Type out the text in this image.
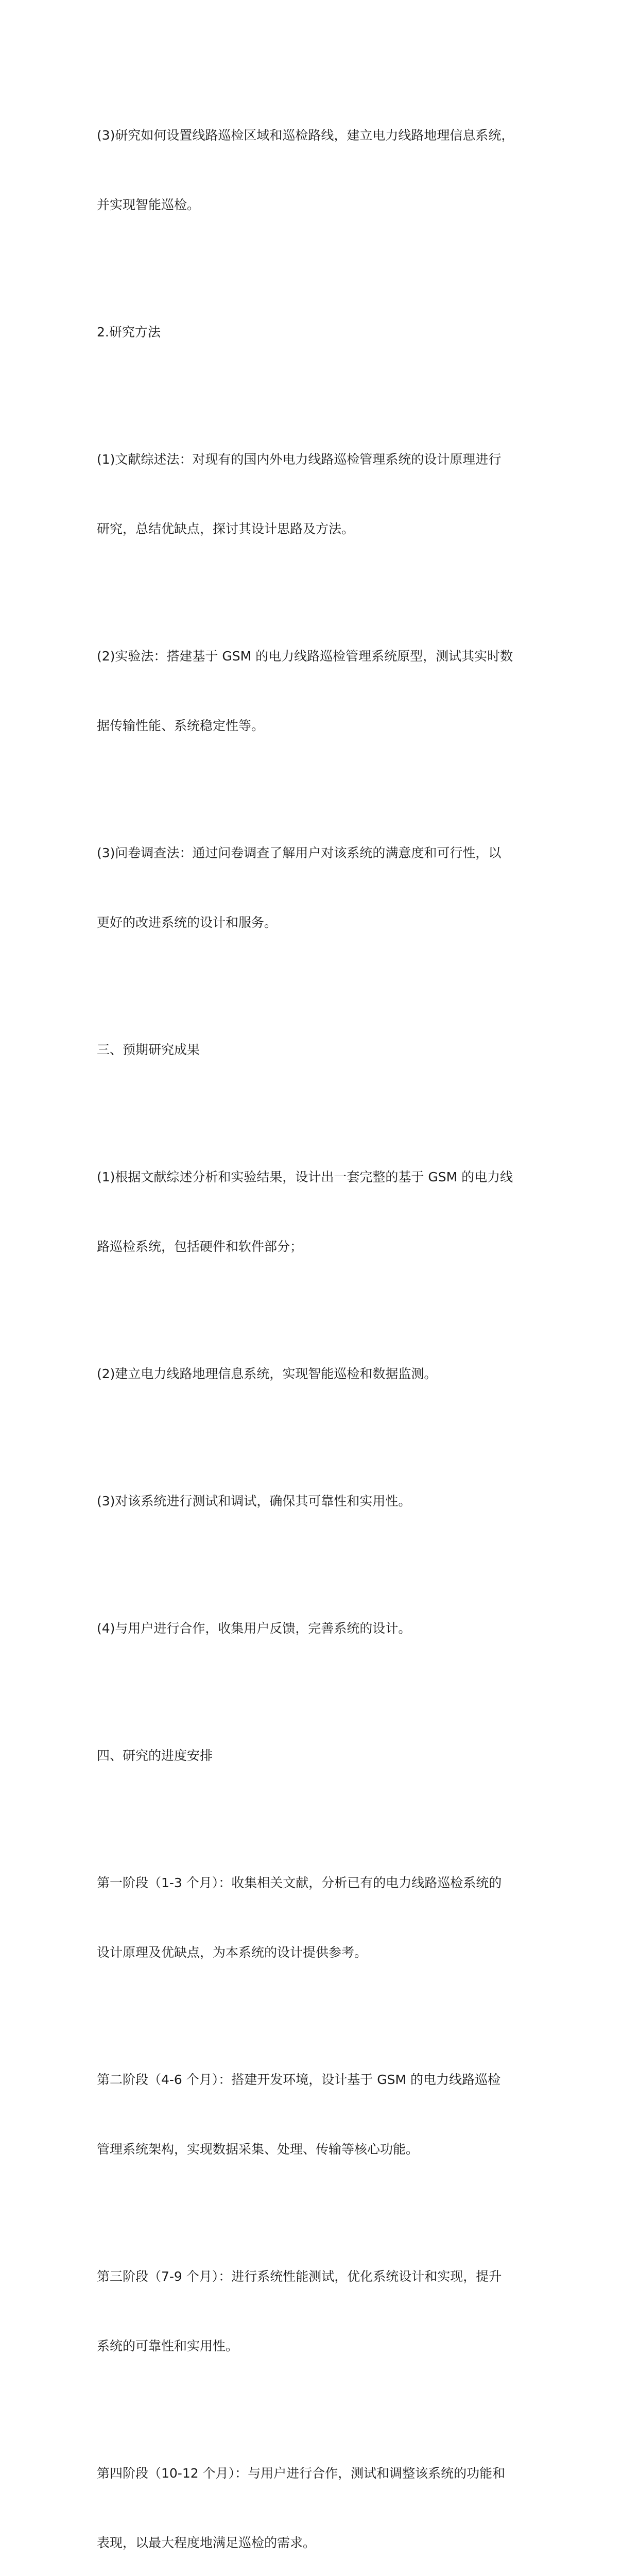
(3)研究如何设置线路巡检区域和巡检路线，建立电力线路地理信息系统，

并实现智能巡检。

2.研究方法

(1)文献综述法：对现有的国内外电力线路巡检管理系统的设计原理进行

研究，总结优缺点，探讨其设计思路及方法。

(2)实验法：搭建基于 GSM 的电力线路巡检管理系统原型，测试其实时数

据传输性能、系统稳定性等。

(3)问卷调查法：通过问卷调查了解用户对该系统的满意度和可行性，以

更好的改进系统的设计和服务。

三、预期研究成果

(1)根据文献综述分析和实验结果，设计出一套完整的基于 GSM 的电力线

路巡检系统，包括硬件和软件部分；

(2)建立电力线路地理信息系统，实现智能巡检和数据监测。

(3)对该系统进行测试和调试，确保其可靠性和实用性。

(4)与用户进行合作，收集用户反馈，完善系统的设计。

四、研究的进度安排

第一阶段（1-3 个月）：收集相关文献，分析已有的电力线路巡检系统的

设计原理及优缺点，为本系统的设计提供参考。

第二阶段（4-6 个月）：搭建开发环境，设计基于 GSM 的电力线路巡检

管理系统架构，实现数据采集、处理、传输等核心功能。

第三阶段（7-9 个月）：进行系统性能测试，优化系统设计和实现，提升

系统的可靠性和实用性。

第四阶段（10-12 个月）：与用户进行合作，测试和调整该系统的功能和

表现，以最大程度地满足巡检的需求。
